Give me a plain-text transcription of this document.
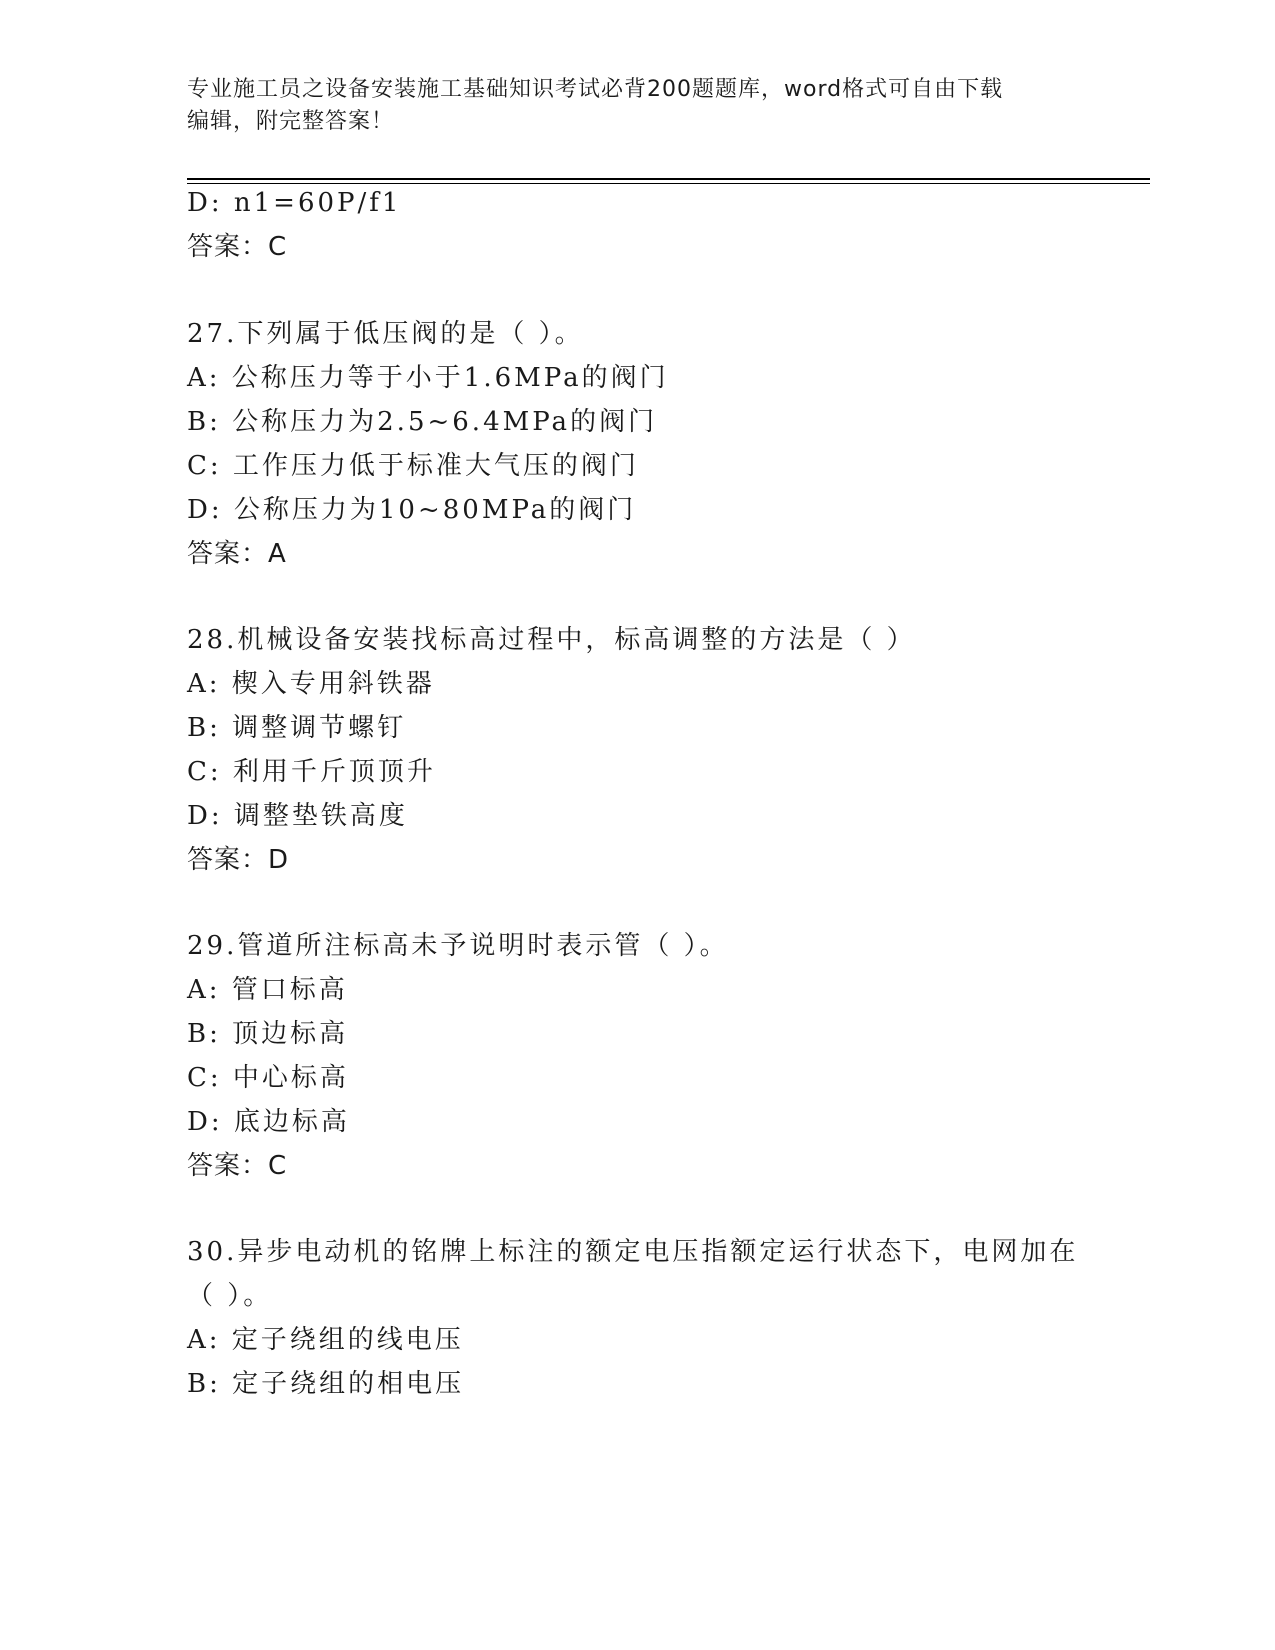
专业施工员之设备安装施工基础知识考试必背200题题库，word格式可自由下载
编辑，附完整答案！
D: n1=60P/f1
答案：C
27.下列属于低压阀的是（ ）。
A: 公称压力等于小于1.6MPa的阀门
B: 公称压力为2.5~6.4MPa的阀门
C: 工作压力低于标准大气压的阀门
D: 公称压力为10~80MPa的阀门
答案：A
28.机械设备安装找标高过程中，标高调整的方法是（ ）
A: 楔入专用斜铁器
B: 调整调节螺钉
C: 利用千斤顶顶升
D: 调整垫铁高度
答案：D
29.管道所注标高未予说明时表示管（ ）。
A: 管口标高
B: 顶边标高
C: 中心标高
D: 底边标高
答案：C
30.异步电动机的铭牌上标注的额定电压指额定运行状态下，电网加在
（ ）。
A: 定子绕组的线电压
B: 定子绕组的相电压
